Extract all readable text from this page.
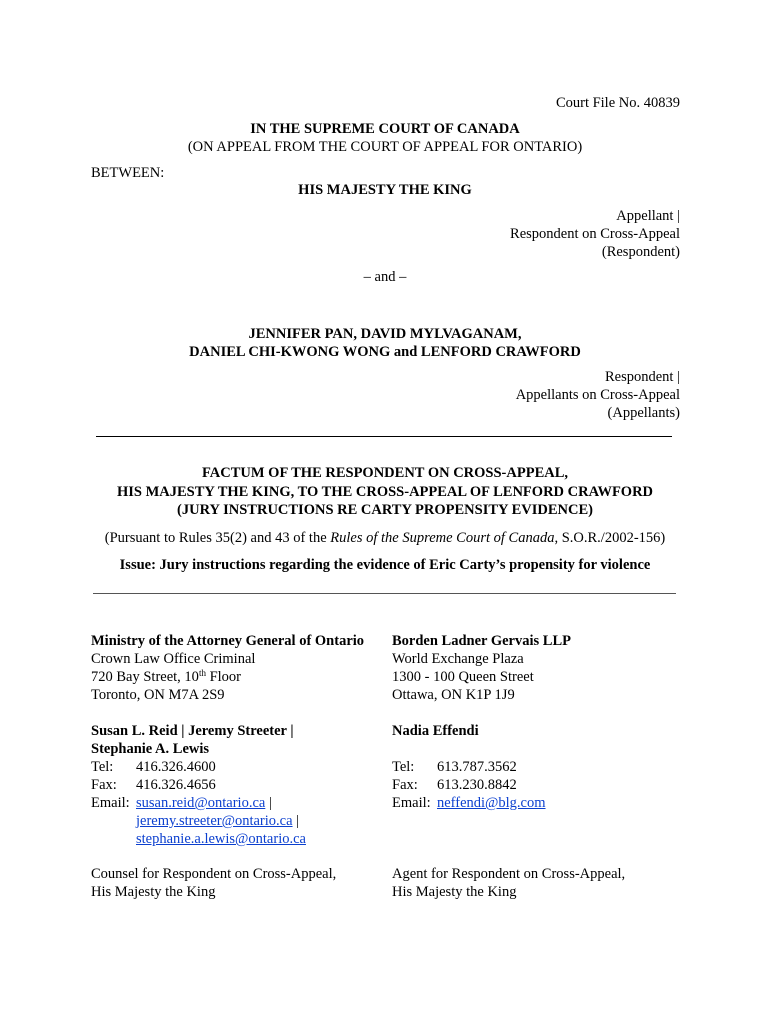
Court File No. 40839
IN THE SUPREME COURT OF CANADA
(ON APPEAL FROM THE COURT OF APPEAL FOR ONTARIO)
BETWEEN:
HIS MAJESTY THE KING
Appellant |
Respondent on Cross-Appeal
(Respondent)
– and –
JENNIFER PAN, DAVID MYLVAGANAM,
DANIEL CHI-KWONG WONG and LENFORD CRAWFORD
Respondent |
Appellants on Cross-Appeal
(Appellants)
FACTUM OF THE RESPONDENT ON CROSS-APPEAL,
HIS MAJESTY THE KING, TO THE CROSS-APPEAL OF LENFORD CRAWFORD
(JURY INSTRUCTIONS RE CARTY PROPENSITY EVIDENCE)
(Pursuant to Rules 35(2) and 43 of the Rules of the Supreme Court of Canada, S.O.R./2002-156)
Issue: Jury instructions regarding the evidence of Eric Carty’s propensity for violence
Ministry of the Attorney General of Ontario
Crown Law Office Criminal
720 Bay Street, 10th Floor
Toronto, ON M7A 2S9
Susan L. Reid | Jeremy Streeter |
Stephanie A. Lewis
Tel: 416.326.4600
Fax: 416.326.4656
Email: susan.reid@ontario.ca |
jeremy.streeter@ontario.ca |
stephanie.a.lewis@ontario.ca
Counsel for Respondent on Cross-Appeal,
His Majesty the King
Borden Ladner Gervais LLP
World Exchange Plaza
1300 - 100 Queen Street
Ottawa, ON K1P 1J9
Nadia Effendi
Tel: 613.787.3562
Fax: 613.230.8842
Email: neffendi@blg.com
Agent for Respondent on Cross-Appeal,
His Majesty the King
